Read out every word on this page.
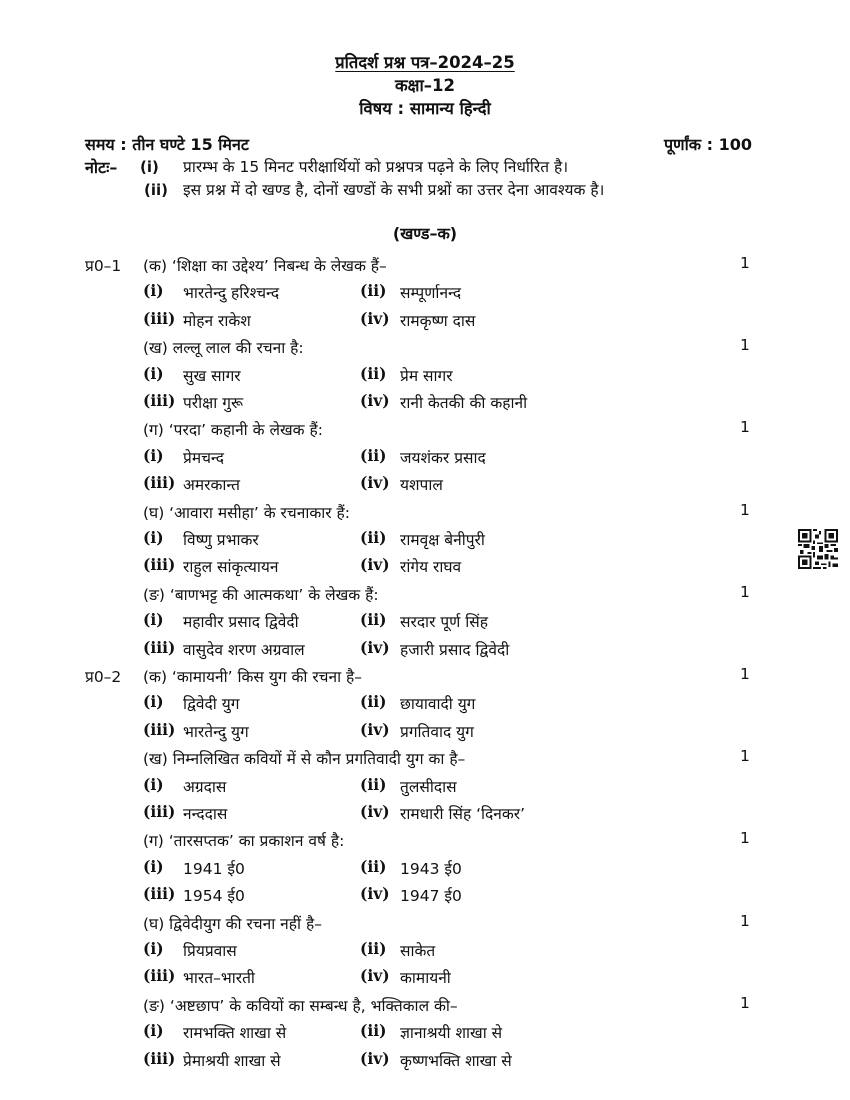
प्रतिदर्श प्रश्न पत्र–2024–25
कक्षा–12
विषय : सामान्य हिन्दी
समय : तीन घण्टे 15 मिनट	पूर्णांक : 100
नोटः– (i) प्रारम्भ के 15 मिनट परीक्षार्थियों को प्रश्नपत्र पढ़ने के लिए निर्धारित है।
(ii) इस प्रश्न में दो खण्ड है, दोनों खण्डों के सभी प्रश्नों का उत्तर देना आवश्यक है।
(खण्ड–क)
प्र0–1 (क) ‘शिक्षा का उद्देश्य’ निबन्ध के लेखक हैं–	1
(i) भारतेन्दु हरिश्चन्द	(ii) सम्पूर्णानन्द
(iii) मोहन राकेश	(iv) रामकृष्ण दास
(ख) लल्लू लाल की रचना है:	1
(i) सुख सागर	(ii) प्रेम सागर
(iii) परीक्षा गुरू	(iv) रानी केतकी की कहानी
(ग) ‘परदा’ कहानी के लेखक हैं:	1
(i) प्रेमचन्द	(ii) जयशंकर प्रसाद
(iii) अमरकान्त	(iv) यशपाल
(घ) ‘आवारा मसीहा’ के रचनाकार हैं:	1
(i) विष्णु प्रभाकर	(ii) रामवृक्ष बेनीपुरी
(iii) राहुल सांकृत्यायन	(iv) रांगेय राघव
(ङ) ‘बाणभट्ट की आत्मकथा’ के लेखक हैं:	1
(i) महावीर प्रसाद द्विवेदी	(ii) सरदार पूर्ण सिंह
(iii) वासुदेव शरण अग्रवाल	(iv) हजारी प्रसाद द्विवेदी
प्र0–2 (क) ‘कामायनी’ किस युग की रचना है–	1
(i) द्विवेदी युग	(ii) छायावादी युग
(iii) भारतेन्दु युग	(iv) प्रगतिवाद युग
(ख) निम्नलिखित कवियों में से कौन प्रगतिवादी युग का है–	1
(i) अग्रदास	(ii) तुलसीदास
(iii) नन्ददास	(iv) रामधारी सिंह ‘दिनकर’
(ग) ‘तारसप्तक’ का प्रकाशन वर्ष है:	1
(i) 1941 ई0	(ii) 1943 ई0
(iii) 1954 ई0	(iv) 1947 ई0
(घ) द्विवेदीयुग की रचना नहीं है–	1
(i) प्रियप्रवास	(ii) साकेत
(iii) भारत–भारती	(iv) कामायनी
(ङ) ‘अष्टछाप’ के कवियों का सम्बन्ध है, भक्तिकाल की–	1
(i) रामभक्ति शाखा से	(ii) ज्ञानाश्रयी शाखा से
(iii) प्रेमाश्रयी शाखा से	(iv) कृष्णभक्ति शाखा से
